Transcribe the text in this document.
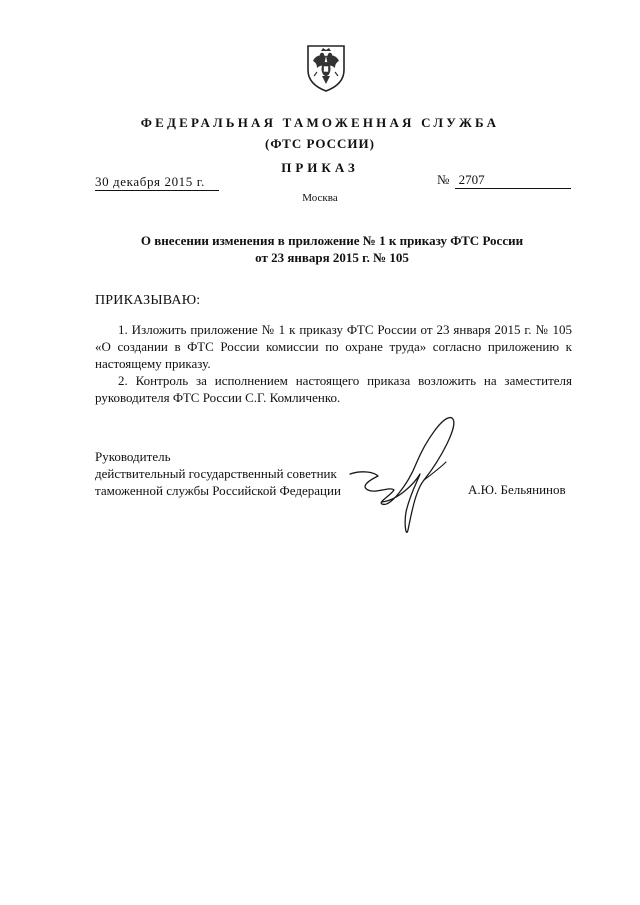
ФЕДЕРАЛЬНАЯ ТАМОЖЕННАЯ СЛУЖБА
(ФТС РОССИИ)
ПРИКАЗ
30 декабря 2015 г.	№ 2707
Москва
О внесении изменения в приложение № 1 к приказу ФТС России
от 23 января 2015 г. № 105
ПРИКАЗЫВАЮ:

1. Изложить приложение № 1 к приказу ФТС России от 23 января 2015 г. № 105 «О создании в ФТС России комиссии по охране труда» согласно приложению к настоящему приказу.

2. Контроль за исполнением настоящего приказа возложить на заместителя руководителя ФТС России С.Г. Комличенко.

Руководитель
действительный государственный советник
таможенной службы Российской Федерации	А.Ю. Бельянинов
